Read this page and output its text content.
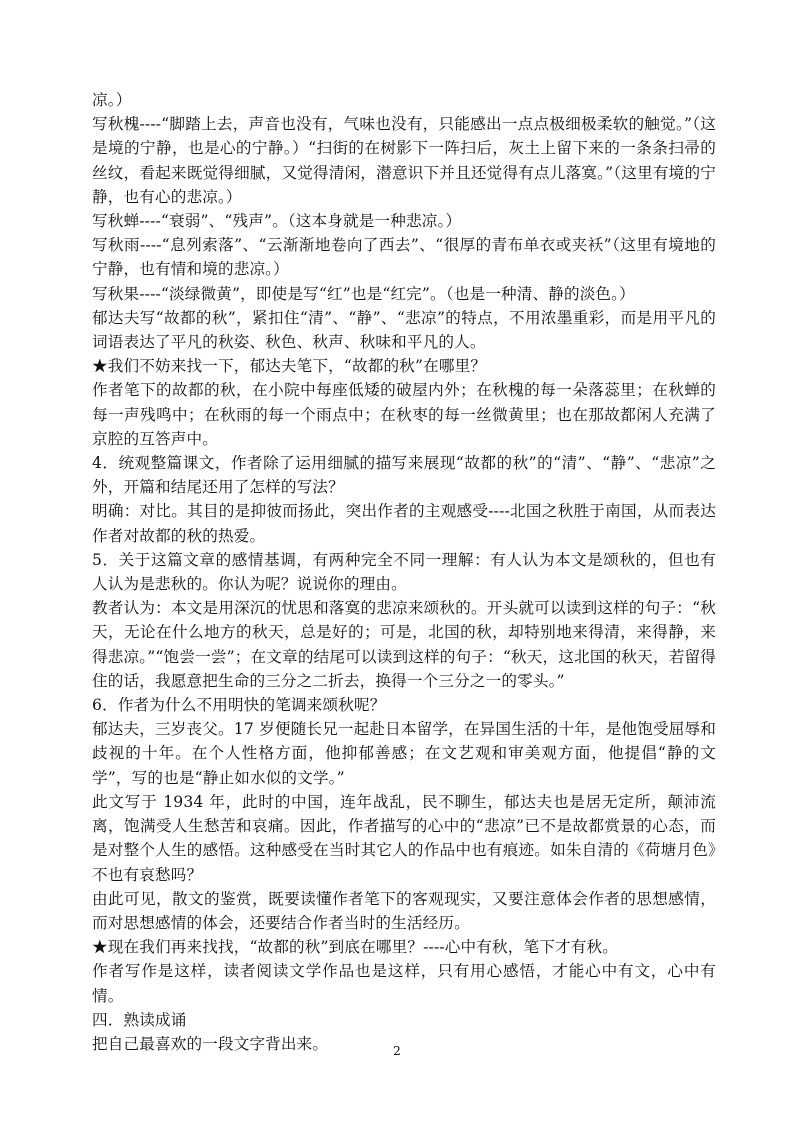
凉。）

写秋槐----“脚踏上去，声音也没有，气味也没有，只能感出一点点极细极柔软的触觉。”（这是境的宁静，也是心的宁静。）“扫街的在树影下一阵扫后，灰土上留下来的一条条扫帚的丝纹，看起来既觉得细腻，又觉得清闲，潜意识下并且还觉得有点儿落寞。”（这里有境的宁静，也有心的悲凉。）

写秋蝉----“衰弱”、“残声”。（这本身就是一种悲凉。）

写秋雨----“息列索落”、“云渐渐地卷向了西去”、“很厚的青布单衣或夹袄”（这里有境地的宁静，也有情和境的悲凉。）

写秋果----“淡绿微黄”，即使是写“红”也是“红完”。（也是一种清、静的淡色。）

郁达夫写“故都的秋”，紧扣住“清”、“静”、“悲凉”的特点，不用浓墨重彩，而是用平凡的词语表达了平凡的秋姿、秋色、秋声、秋味和平凡的人。

★我们不妨来找一下，郁达夫笔下，“故都的秋”在哪里？

作者笔下的故都的秋，在小院中每座低矮的破屋内外；在秋槐的每一朵落蕊里；在秋蝉的每一声残鸣中；在秋雨的每一个雨点中；在秋枣的每一丝微黄里；也在那故都闲人充满了京腔的互答声中。

4．统观整篇课文，作者除了运用细腻的描写来展现“故都的秋”的“清”、“静”、“悲凉”之外，开篇和结尾还用了怎样的写法？

明确：对比。其目的是抑彼而扬此，突出作者的主观感受----北国之秋胜于南国，从而表达作者对故都的秋的热爱。

5．关于这篇文章的感情基调，有两种完全不同一理解：有人认为本文是颂秋的，但也有人认为是悲秋的。你认为呢？说说你的理由。

教者认为：本文是用深沉的忧思和落寞的悲凉来颂秋的。开头就可以读到这样的句子：“秋天，无论在什么地方的秋天，总是好的；可是，北国的秋，却特别地来得清，来得静，来得悲凉。”“饱尝一尝”；在文章的结尾可以读到这样的句子：“秋天，这北国的秋天，若留得住的话，我愿意把生命的三分之二折去，换得一个三分之一的零头。”

6．作者为什么不用明快的笔调来颂秋呢？

郁达夫，三岁丧父。17 岁便随长兄一起赴日本留学，在异国生活的十年，是他饱受屈辱和歧视的十年。在个人性格方面，他抑郁善感；在文艺观和审美观方面，他提倡“静的文学”，写的也是“静止如水似的文学。”

此文写于 1934 年，此时的中国，连年战乱，民不聊生，郁达夫也是居无定所，颠沛流离，饱满受人生愁苦和哀痛。因此，作者描写的心中的“悲凉”已不是故都赏景的心态，而是对整个人生的感悟。这种感受在当时其它人的作品中也有痕迹。如朱自清的《荷塘月色》不也有哀愁吗？

由此可见，散文的鉴赏，既要读懂作者笔下的客观现实，又要注意体会作者的思想感情，而对思想感情的体会，还要结合作者当时的生活经历。

★现在我们再来找找，“故都的秋”到底在哪里？----心中有秋，笔下才有秋。

作者写作是这样，读者阅读文学作品也是这样，只有用心感悟，才能心中有文，心中有情。

四．熟读成诵

把自己最喜欢的一段文字背出来。	2
